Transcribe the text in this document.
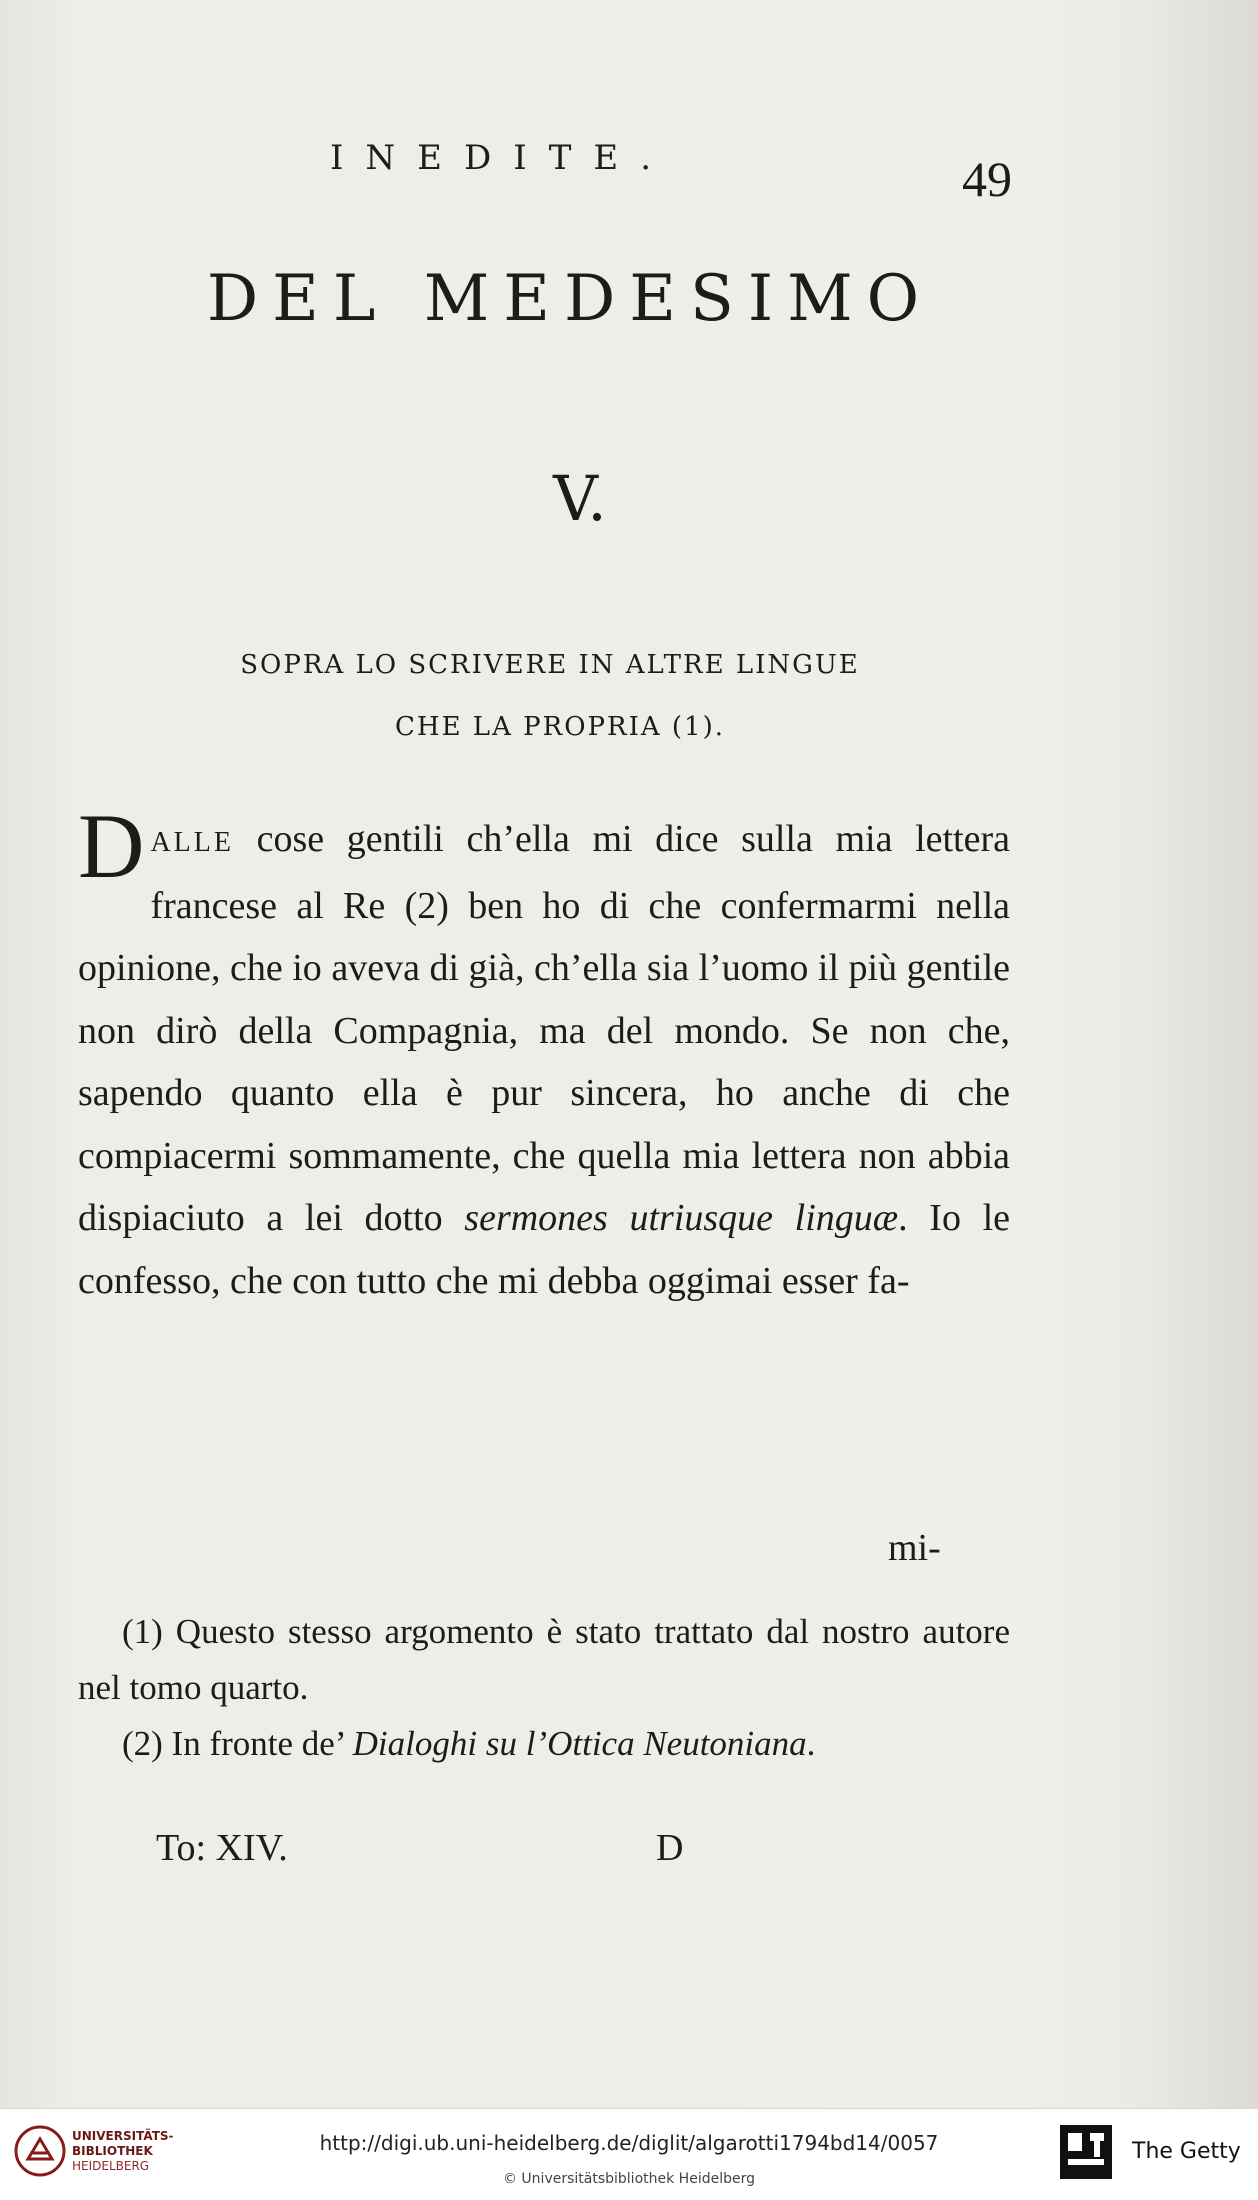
INEDITE.	49
DEL MEDESIMO
V.
SOPRA LO SCRIVERE IN ALTRE LINGUE
CHE LA PROPRIA (1).

DALLE cose gentili ch’ella mi dice sulla mia lettera francese al Re (2) ben ho di che confermarmi nella opinione, che io aveva di già, ch’ella sia l’uomo il più gentile non dirò della Compagnia, ma del mondo. Se non che, sapendo quanto ella è pur sincera, ho anche di che compiacermi sommamente, che quella mia lettera non abbia dispiaciuto a lei dotto sermones utriusque linguæ. Io le confesso, che con tutto che mi debba oggimai esser fa-

mi-

(1) Questo stesso argomento è stato trattato dal nostro autore nel tomo quarto.

(2) In fronte de’ Dialoghi su l’Ottica Neutoniana.

To: XIV.	D
UNIVERSITÄTS-
BIBLIOTHEK
HEIDELBERG
http://digi.ub.uni-heidelberg.de/diglit/algarotti1794bd14/0057
© Universitätsbibliothek Heidelberg
The Getty
